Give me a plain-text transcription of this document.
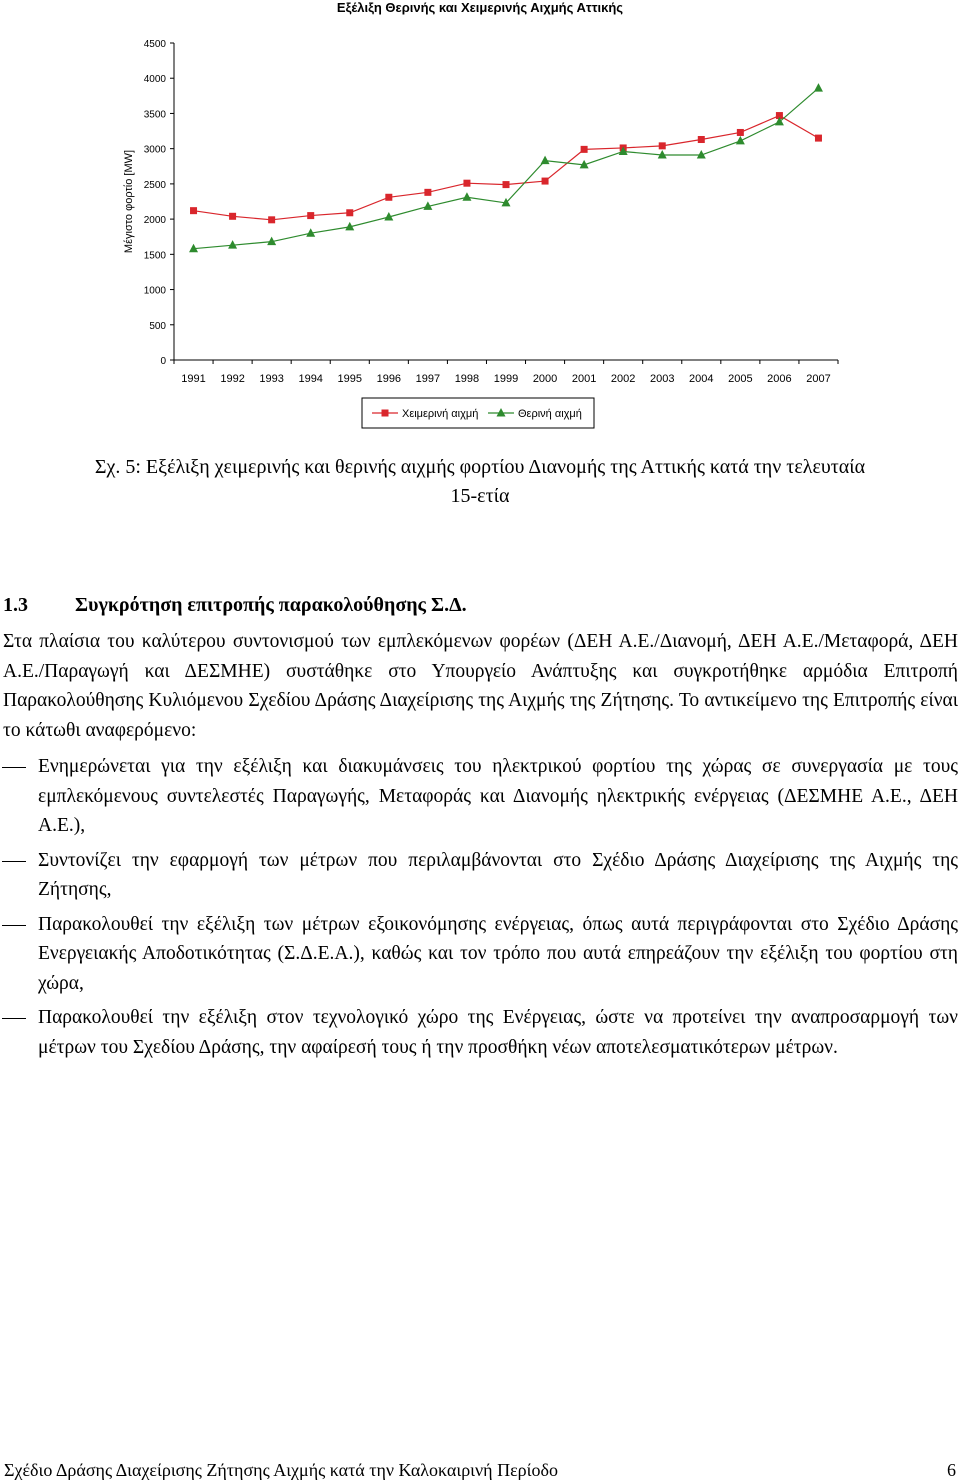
Εξέλιξη Θερινής και Χειμερινής Αιχμής Αττικής
0
500
1000
1500
2000
2500
3000
3500
4000
4500
1991 1992 1993 1994 1995 1996 1997 1998 1999 2000 2001 2002 2003 2004 2005 2006 2007
Μέγιστο φορτίο [MW]
Χειμερινή αιχμή	Θερινή αιχμή
Σχ. 5: Εξέλιξη χειμερινής και θερινής αιχμής φορτίου Διανομής της Αττικής κατά την τελευταία
15-ετία
1.3 Συγκρότηση επιτροπής παρακολούθησης Σ.Δ.
Στα πλαίσια του καλύτερου συντονισμού των εμπλεκόμενων φορέων (ΔΕΗ Α.Ε./Διανομή, ΔΕΗ Α.Ε./Μεταφορά, ΔΕΗ Α.Ε./Παραγωγή και ΔΕΣΜΗΕ) συστάθηκε στο Υπουργείο Ανάπτυξης και συγκροτήθηκε αρμόδια Επιτροπή Παρακολούθησης Κυλιόμενου Σχεδίου Δράσης Διαχείρισης της Αιχμής της Ζήτησης. Το αντικείμενο της Επιτροπής είναι το κάτωθι αναφερόμενο:
Ενημερώνεται για την εξέλιξη και διακυμάνσεις του ηλεκτρικού φορτίου της χώρας σε συνεργασία με τους εμπλεκόμενους συντελεστές Παραγωγής, Μεταφοράς και Διανομής ηλεκτρικής ενέργειας (ΔΕΣΜΗΕ Α.Ε., ΔΕΗ Α.Ε.),
Συντονίζει την εφαρμογή των μέτρων που περιλαμβάνονται στο Σχέδιο Δράσης Διαχείρισης της Αιχμής της Ζήτησης,
Παρακολουθεί την εξέλιξη των μέτρων εξοικονόμησης ενέργειας, όπως αυτά περιγράφονται στο Σχέδιο Δράσης Ενεργειακής Αποδοτικότητας (Σ.Δ.Ε.Α.), καθώς και τον τρόπο που αυτά επηρεάζουν την εξέλιξη του φορτίου στη χώρα,
Παρακολουθεί την εξέλιξη στον τεχνολογικό χώρο της Ενέργειας, ώστε να προτείνει την αναπροσαρμογή των μέτρων του Σχεδίου Δράσης, την αφαίρεσή τους ή την προσθήκη νέων αποτελεσματικότερων μέτρων.
Σχέδιο Δράσης Διαχείρισης Ζήτησης Αιχμής κατά την Καλοκαιρινή Περίοδο	6
